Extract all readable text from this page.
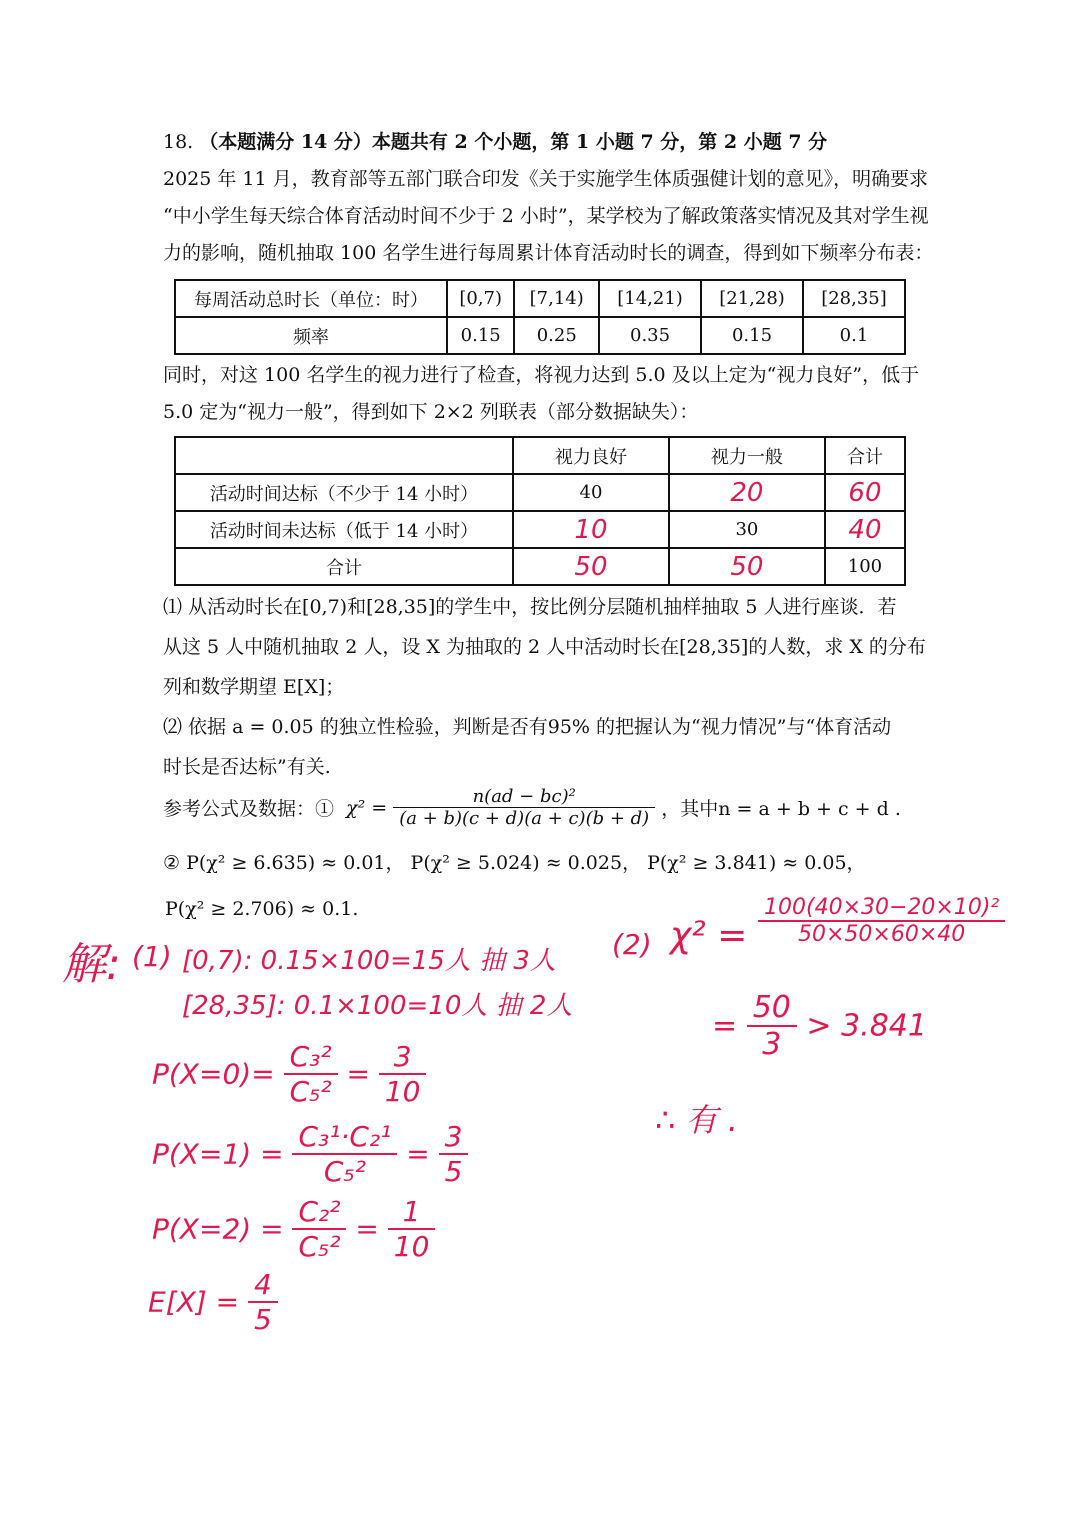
18. （本题满分 14 分）本题共有 2 个小题，第 1 小题 7 分，第 2 小题 7 分
2025 年 11 月，教育部等五部门联合印发《关于实施学生体质强健计划的意见》，明确要求
“中小学生每天综合体育活动时间不少于 2 小时”，某学校为了解政策落实情况及其对学生视
力的影响，随机抽取 100 名学生进行每周累计体育活动时长的调查，得到如下频率分布表：
每周活动总时长（单位：时）	[0,7)	[7,14)	[14,21)	[21,28)	[28,35]
频率	0.15	0.25	0.35	0.15	0.1
同时，对这 100 名学生的视力进行了检查，将视力达到 5.0 及以上定为“视力良好”，低于
5.0 定为“视力一般”，得到如下 2×2 列联表（部分数据缺失）：
	视力良好	视力一般	合计
活动时间达标（不少于 14 小时）	40	20	60
活动时间未达标（低于 14 小时）	10	30	40
合计	50	50	100
⑴ 从活动时长在[0,7)和[28,35]的学生中，按比例分层随机抽样抽取 5 人进行座谈．若
从这 5 人中随机抽取 2 人，设 X 为抽取的 2 人中活动时长在[28,35]的人数，求 X 的分布
列和数学期望 E[X]；
⑵ 依据 a = 0.05 的独立性检验，判断是否有95% 的把握认为“视力情况”与“体育活动
时长是否达标”有关.
参考公式及数据：① $\chi^2 = \frac{\text{n(ad − bc)²}}{(a + b)(c + d)(a + c)(b + d)}$ ，其中n = a + b + c + d .
② P(χ² ≥ 6.635) ≈ 0.01， P(χ² ≥ 5.024) ≈ 0.025， P(χ² ≥ 3.841) ≈ 0.05，
P(χ² ≥ 2.706) ≈ 0.1.
解: (1) [0,7): 0.15×100=15人 抽 3人
[28,35]: 0.1×100=10人 抽 2人
$P(X=0)= \frac{\text{C₃²}}{\text{C₅²}} = \frac{3}{10}$
$P(X=1) = \frac{\text{C₃¹·C₂¹}}{\text{C₅²}} = \frac{3}{5}$
$P(X=2) = \frac{\text{C₂²}}{\text{C₅²}} = \frac{1}{10}$
$E[X] = \frac{4}{5}$
(2) $\chi^2 = \frac{\text{100(40×30−20×10)²}}{50\times 50\times 60\times 40}$
= $\frac{50}{3} > 3.841$
∴ 有 .
